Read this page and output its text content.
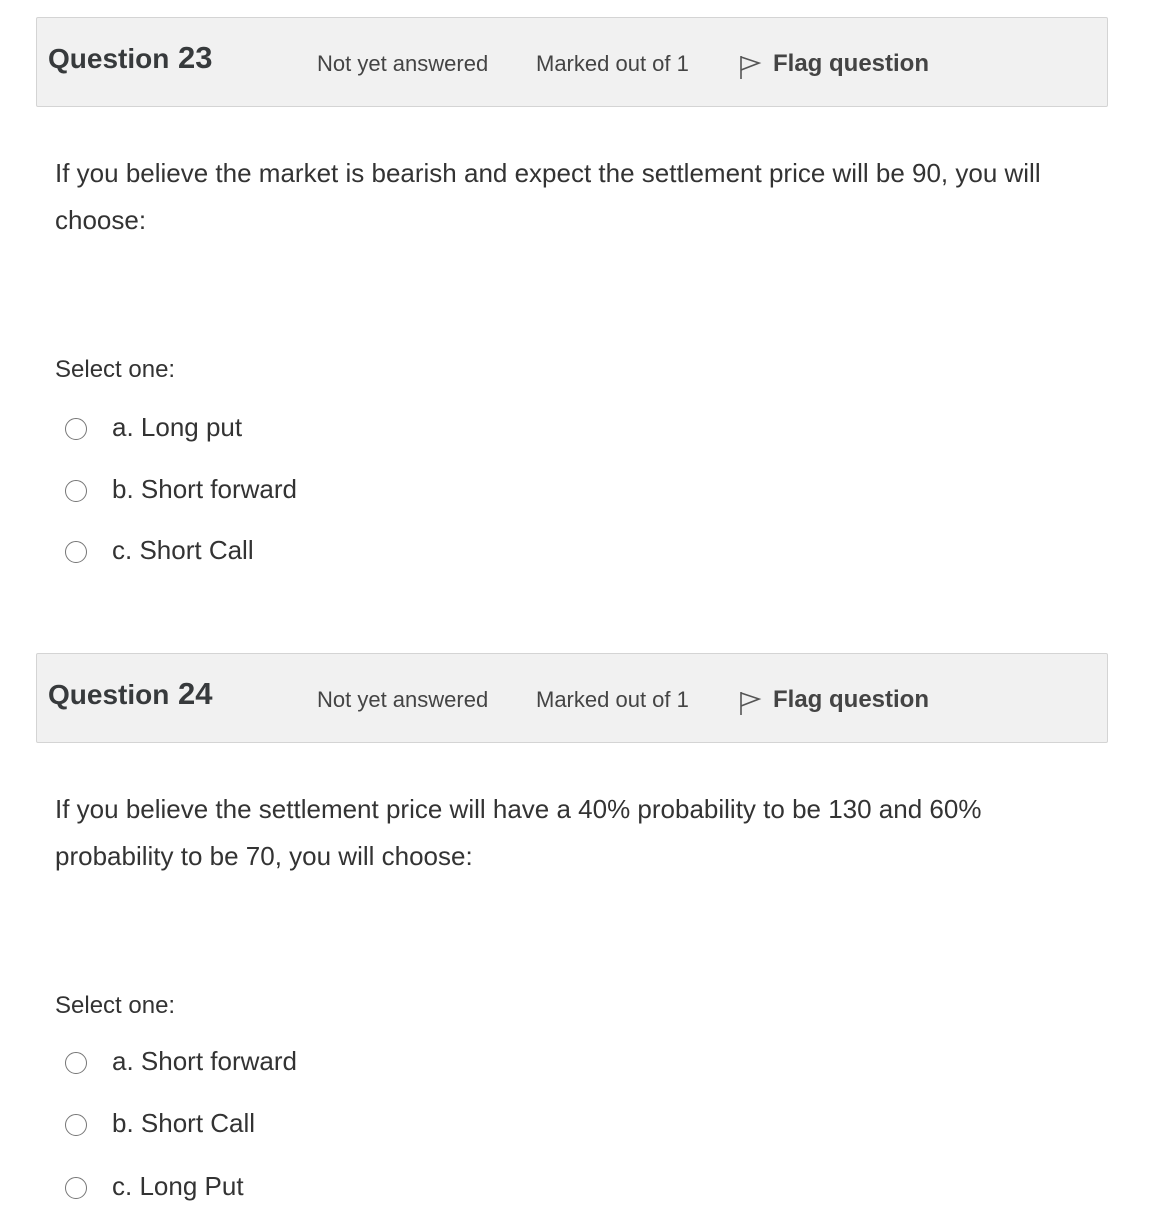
Question 23	Not yet answered Marked out of 1	Flag question
If you believe the market is bearish and expect the settlement price will be 90, you will choose:
Select one:
a. Long put
b. Short forward
c. Short Call
Question 24	Not yet answered Marked out of 1	Flag question
If you believe the settlement price will have a 40% probability to be 130 and 60% probability to be 70, you will choose:
Select one:
a. Short forward
b. Short Call
c. Long Put
